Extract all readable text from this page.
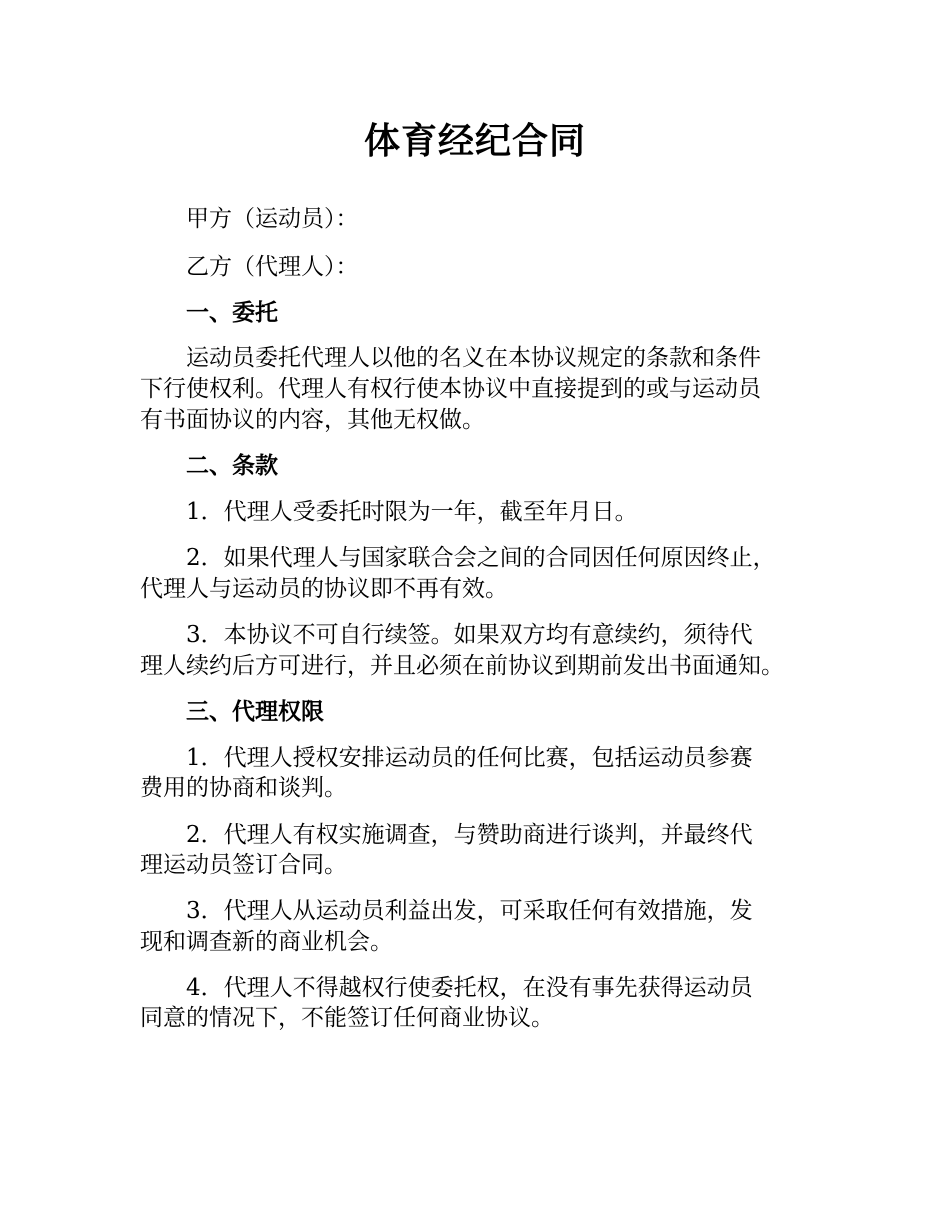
体育经纪合同
甲方（运动员）：
乙方（代理人）：
一、委托
运动员委托代理人以他的名义在本协议规定的条款和条件
下行使权利。代理人有权行使本协议中直接提到的或与运动员
有书面协议的内容，其他无权做。
二、条款
1．代理人受委托时限为一年，截至年月日。
2．如果代理人与国家联合会之间的合同因任何原因终止，
代理人与运动员的协议即不再有效。
3．本协议不可自行续签。如果双方均有意续约，须待代
理人续约后方可进行，并且必须在前协议到期前发出书面通知。
三、代理权限
1．代理人授权安排运动员的任何比赛，包括运动员参赛
费用的协商和谈判。
2．代理人有权实施调查，与赞助商进行谈判，并最终代
理运动员签订合同。
3．代理人从运动员利益出发，可采取任何有效措施，发
现和调查新的商业机会。
4．代理人不得越权行使委托权，在没有事先获得运动员
同意的情况下，不能签订任何商业协议。
